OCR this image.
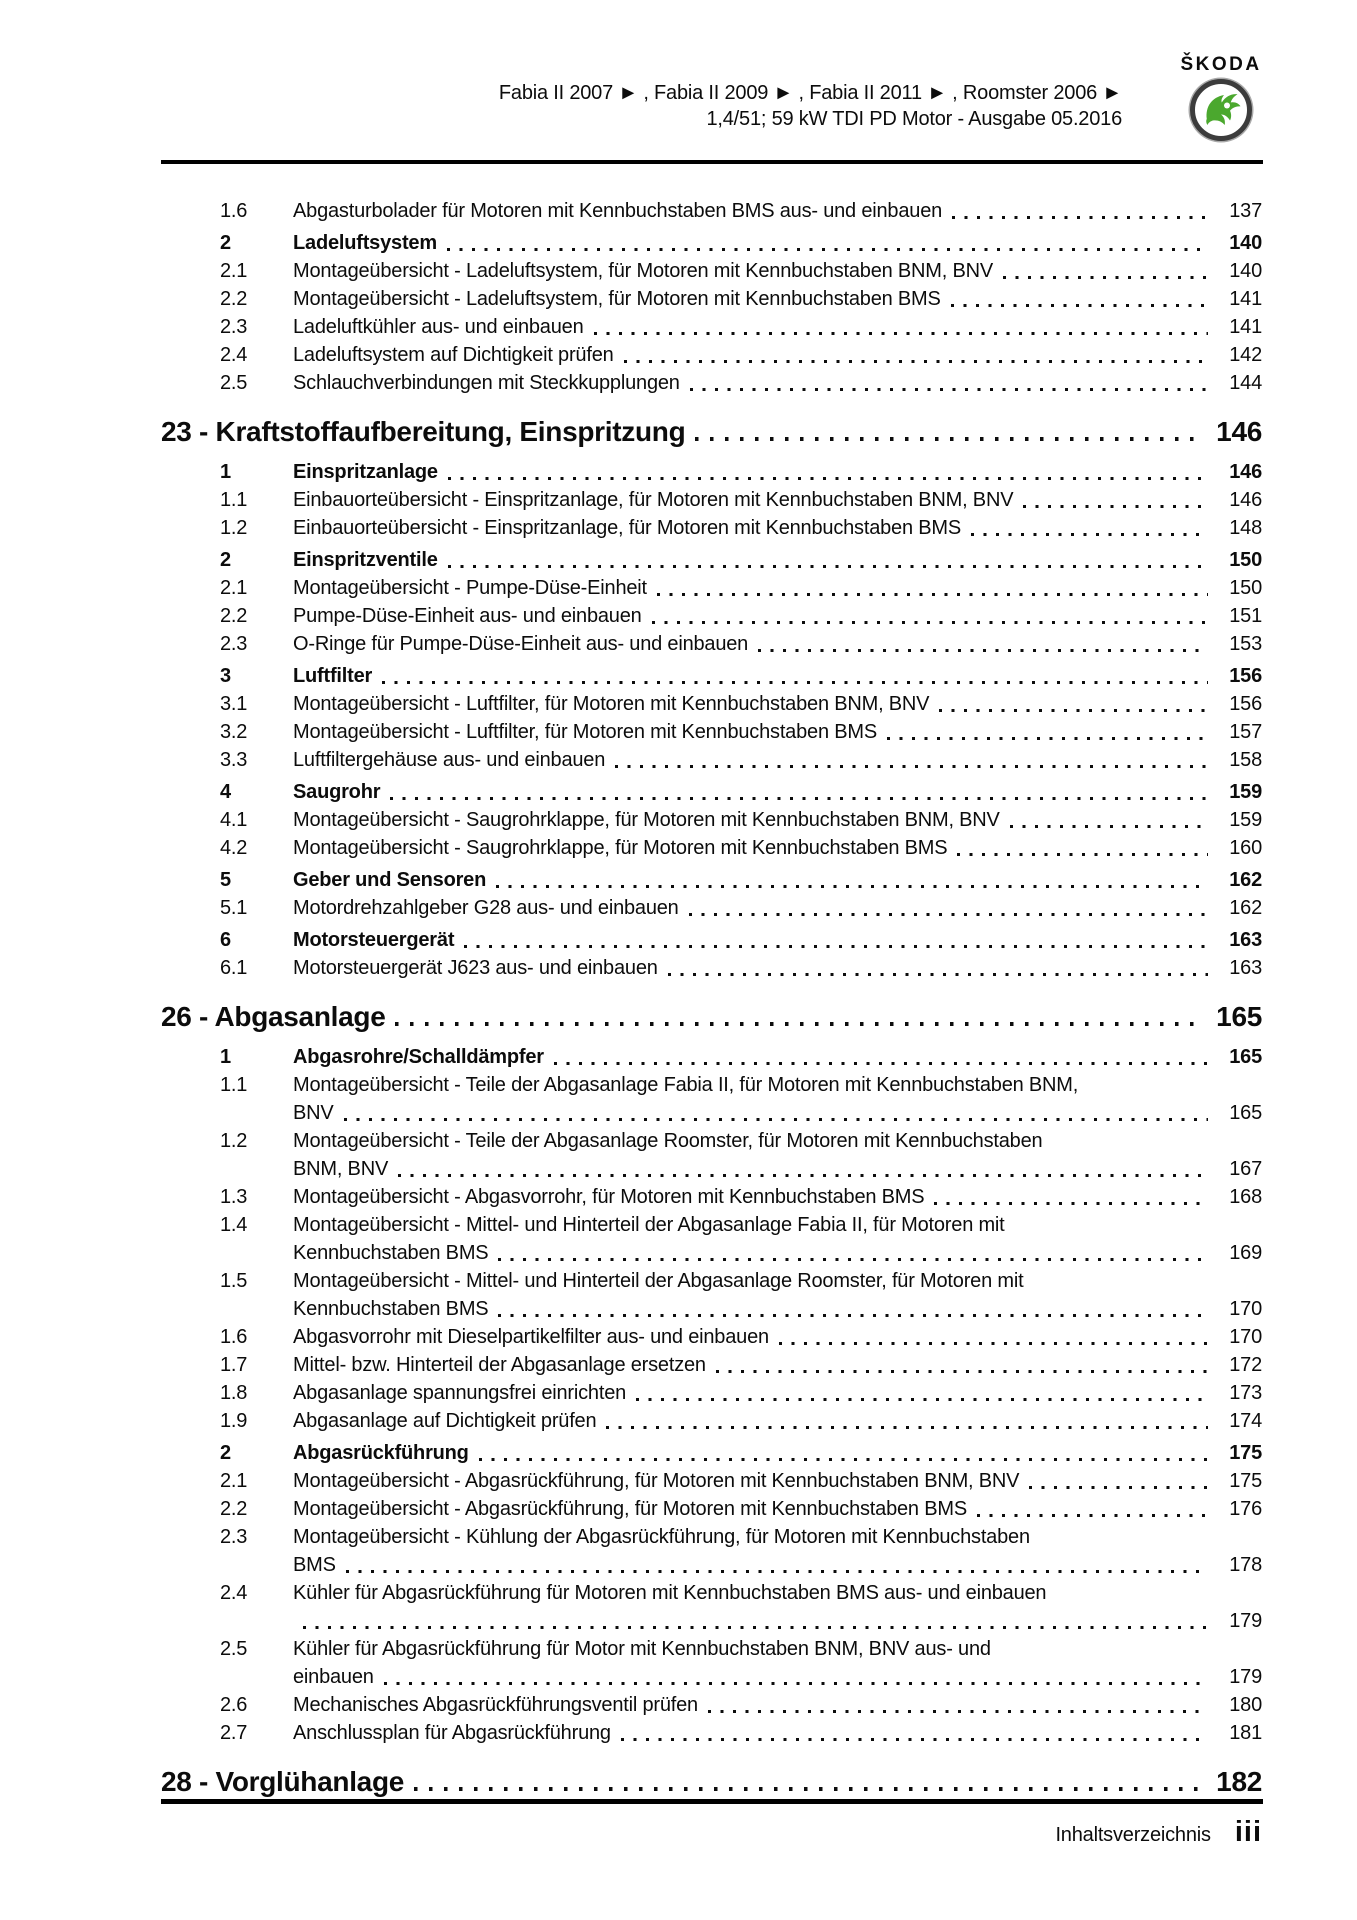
Fabia II 2007 ► , Fabia II 2009 ► , Fabia II 2011 ► , Roomster 2006 ►
1,4/51; 59 kW TDI PD Motor - Ausgabe 05.2016
ŠKODA
1.6	Abgasturbolader für Motoren mit Kennbuchstaben BMS aus- und einbauen	137
2	Ladeluftsystem	140
2.1	Montageübersicht - Ladeluftsystem, für Motoren mit Kennbuchstaben BNM, BNV	140
2.2	Montageübersicht - Ladeluftsystem, für Motoren mit Kennbuchstaben BMS	141
2.3	Ladeluftkühler aus- und einbauen	141
2.4	Ladeluftsystem auf Dichtigkeit prüfen	142
2.5	Schlauchverbindungen mit Steckkupplungen	144
23 - Kraftstoffaufbereitung, Einspritzung	146
1	Einspritzanlage	146
1.1	Einbauorteübersicht - Einspritzanlage, für Motoren mit Kennbuchstaben BNM, BNV	146
1.2	Einbauorteübersicht - Einspritzanlage, für Motoren mit Kennbuchstaben BMS	148
2	Einspritzventile	150
2.1	Montageübersicht - Pumpe-Düse-Einheit	150
2.2	Pumpe-Düse-Einheit aus- und einbauen	151
2.3	O-Ringe für Pumpe-Düse-Einheit aus- und einbauen	153
3	Luftfilter	156
3.1	Montageübersicht - Luftfilter, für Motoren mit Kennbuchstaben BNM, BNV	156
3.2	Montageübersicht - Luftfilter, für Motoren mit Kennbuchstaben BMS	157
3.3	Luftfiltergehäuse aus- und einbauen	158
4	Saugrohr	159
4.1	Montageübersicht - Saugrohrklappe, für Motoren mit Kennbuchstaben BNM, BNV	159
4.2	Montageübersicht - Saugrohrklappe, für Motoren mit Kennbuchstaben BMS	160
5	Geber und Sensoren	162
5.1	Motordrehzahlgeber G28 aus- und einbauen	162
6	Motorsteuergerät	163
6.1	Motorsteuergerät J623 aus- und einbauen	163
26 - Abgasanlage	165
1	Abgasrohre/Schalldämpfer	165
1.1	Montageübersicht - Teile der Abgasanlage Fabia II, für Motoren mit Kennbuchstaben BNM,
BNV	165
1.2	Montageübersicht - Teile der Abgasanlage Roomster, für Motoren mit Kennbuchstaben
BNM, BNV	167
1.3	Montageübersicht - Abgasvorrohr, für Motoren mit Kennbuchstaben BMS	168
1.4	Montageübersicht - Mittel- und Hinterteil der Abgasanlage Fabia II, für Motoren mit
Kennbuchstaben BMS	169
1.5	Montageübersicht - Mittel- und Hinterteil der Abgasanlage Roomster, für Motoren mit
Kennbuchstaben BMS	170
1.6	Abgasvorrohr mit Dieselpartikelfilter aus- und einbauen	170
1.7	Mittel- bzw. Hinterteil der Abgasanlage ersetzen	172
1.8	Abgasanlage spannungsfrei einrichten	173
1.9	Abgasanlage auf Dichtigkeit prüfen	174
2	Abgasrückführung	175
2.1	Montageübersicht - Abgasrückführung, für Motoren mit Kennbuchstaben BNM, BNV	175
2.2	Montageübersicht - Abgasrückführung, für Motoren mit Kennbuchstaben BMS	176
2.3	Montageübersicht - Kühlung der Abgasrückführung, für Motoren mit Kennbuchstaben
BMS	178
2.4	Kühler für Abgasrückführung für Motoren mit Kennbuchstaben BMS aus- und einbauen
179
2.5	Kühler für Abgasrückführung für Motor mit Kennbuchstaben BNM, BNV aus- und
einbauen	179
2.6	Mechanisches Abgasrückführungsventil prüfen	180
2.7	Anschlussplan für Abgasrückführung	181
28 - Vorglühanlage	182
Inhaltsverzeichnis iii
